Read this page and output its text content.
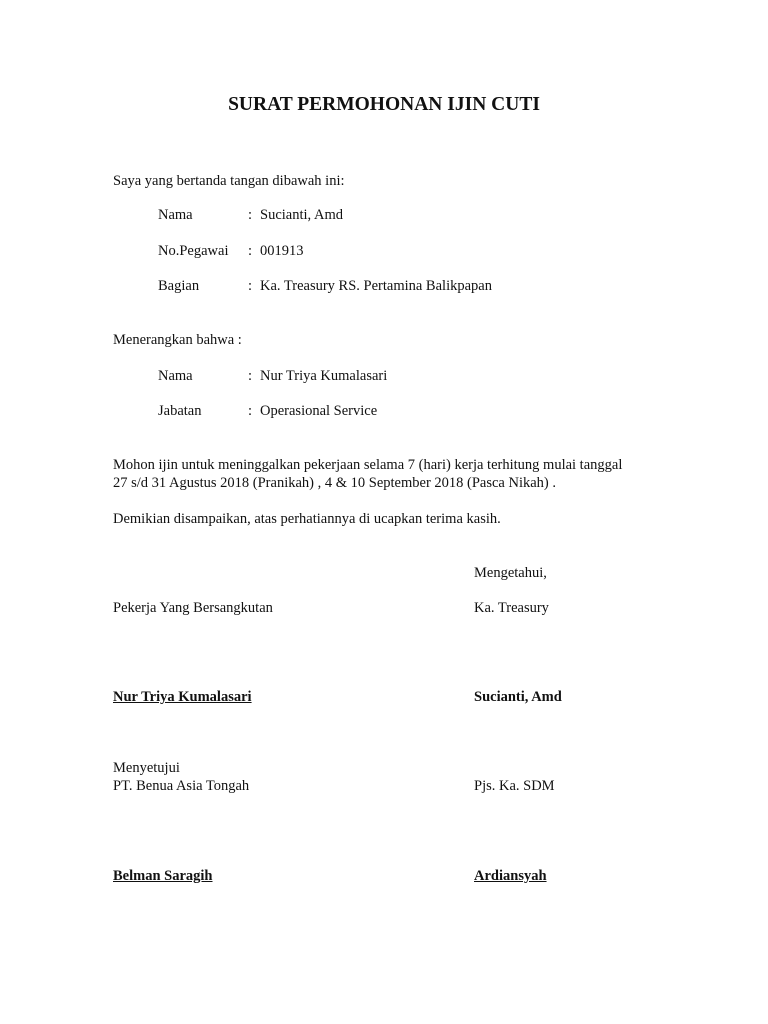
SURAT PERMOHONAN IJIN CUTI
Saya yang bertanda tangan dibawah ini:
Nama	: Sucianti, Amd
No.Pegawai : 001913
Bagian	: Ka. Treasury RS. Pertamina Balikpapan
Menerangkan bahwa :
Nama	: Nur Triya Kumalasari
Jabatan	: Operasional Service
Mohon ijin untuk meninggalkan pekerjaan selama 7 (hari) kerja terhitung mulai tanggal
27 s/d 31 Agustus 2018 (Pranikah) , 4 & 10 September 2018 (Pasca Nikah) .
Demikian disampaikan, atas perhatiannya di ucapkan terima kasih.
Mengetahui,
Pekerja Yang Bersangkutan	Ka. Treasury
Nur Triya Kumalasari	Sucianti, Amd
Menyetujui
PT. Benua Asia Tongah	Pjs. Ka. SDM
Belman Saragih	Ardiansyah
